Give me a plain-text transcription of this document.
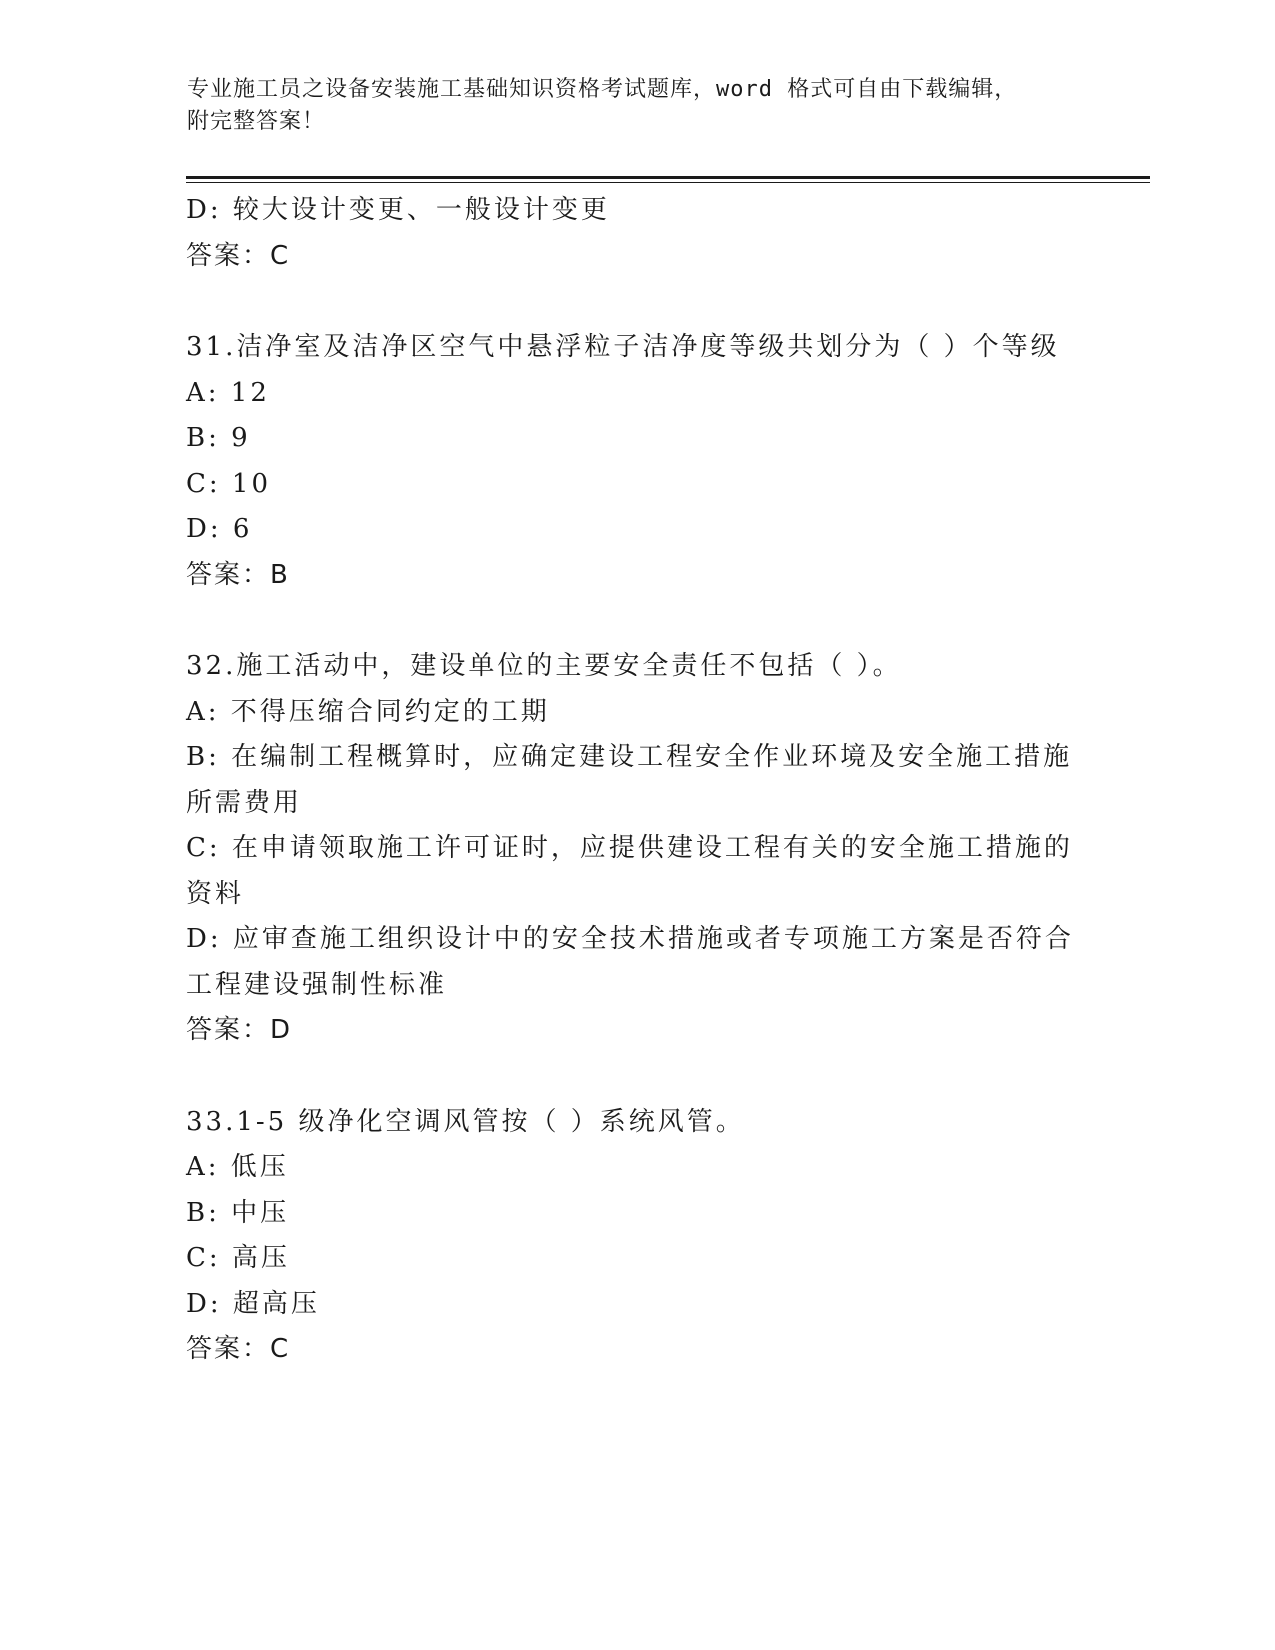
专业施工员之设备安装施工基础知识资格考试题库，word 格式可自由下载编辑，
附完整答案！
D: 较大设计变更、一般设计变更
答案：C
31.洁净室及洁净区空气中悬浮粒子洁净度等级共划分为（ ）个等级
A: 12
B: 9
C: 10
D: 6
答案：B
32.施工活动中，建设单位的主要安全责任不包括（ ）。
A: 不得压缩合同约定的工期
B: 在编制工程概算时，应确定建设工程安全作业环境及安全施工措施
所需费用
C: 在申请领取施工许可证时，应提供建设工程有关的安全施工措施的
资料
D: 应审查施工组织设计中的安全技术措施或者专项施工方案是否符合
工程建设强制性标准
答案：D
33.1-5 级净化空调风管按（ ）系统风管。
A: 低压
B: 中压
C: 高压
D: 超高压
答案：C
